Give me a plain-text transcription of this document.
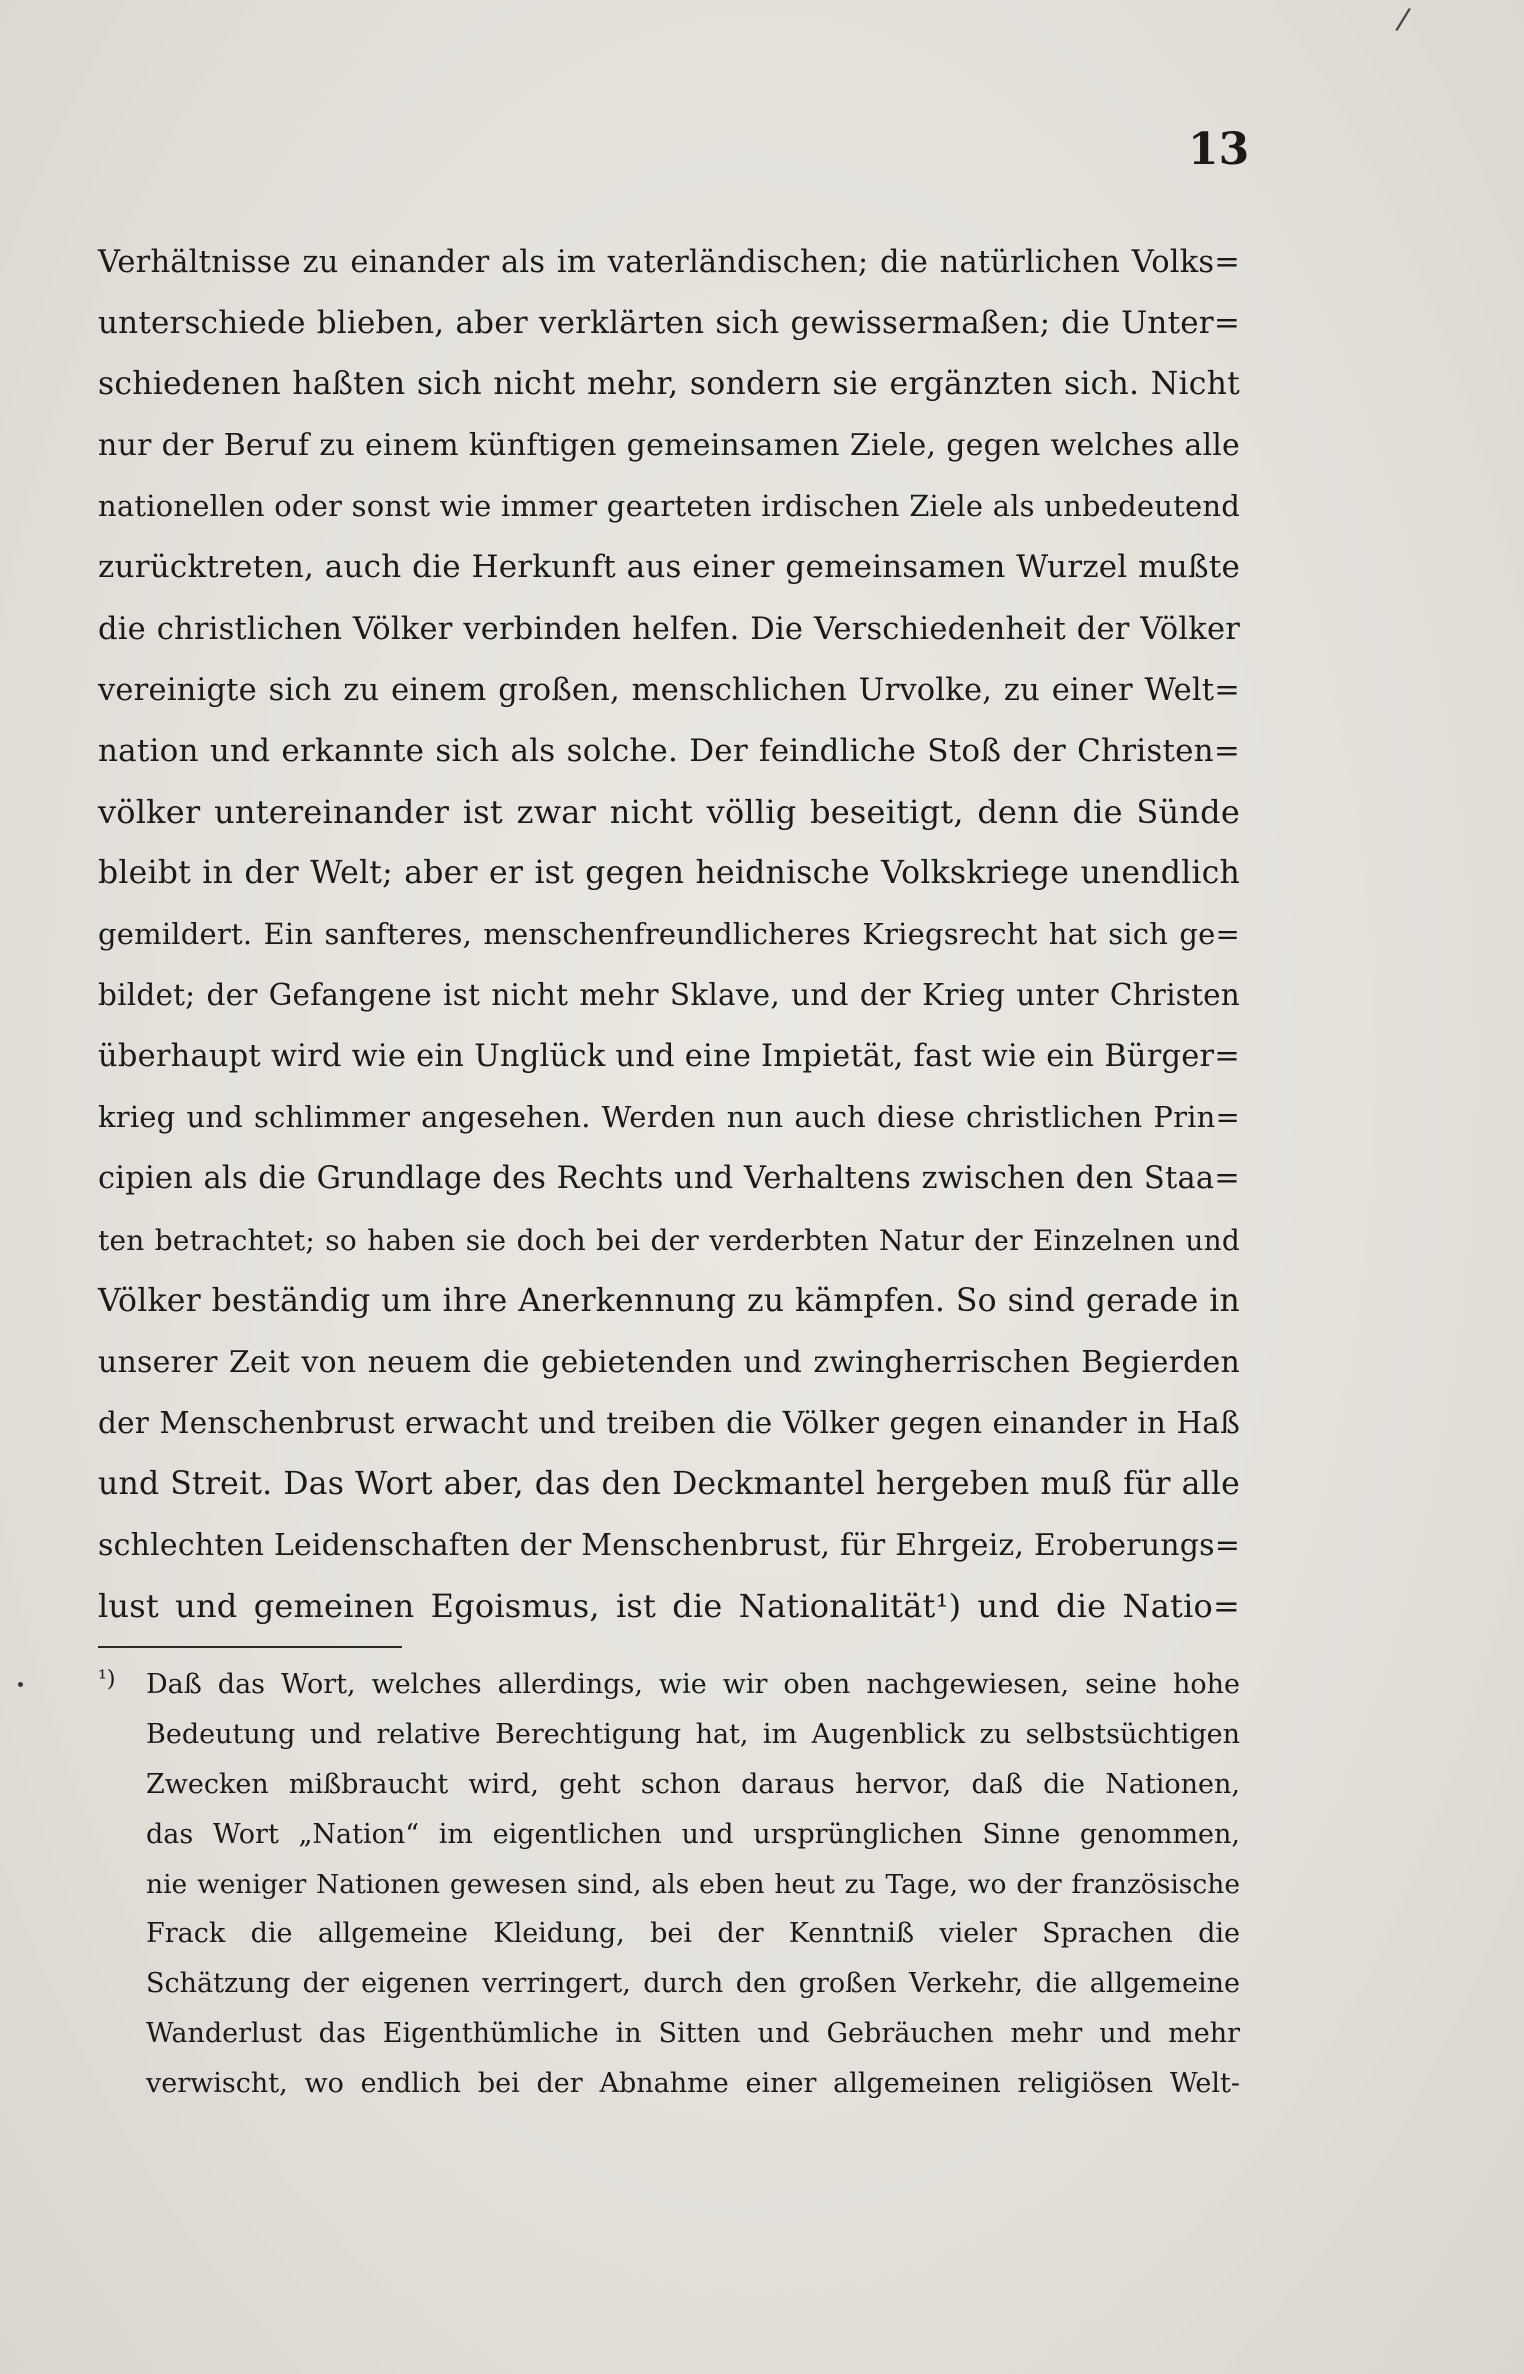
/
13
Verhältnisse zu einander als im vaterländischen; die natürlichen Volks=
unterschiede blieben, aber verklärten sich gewissermaßen; die Unter=
schiedenen haßten sich nicht mehr, sondern sie ergänzten sich. Nicht
nur der Beruf zu einem künftigen gemeinsamen Ziele, gegen welches alle
nationellen oder sonst wie immer gearteten irdischen Ziele als unbedeutend
zurücktreten, auch die Herkunft aus einer gemeinsamen Wurzel mußte
die christlichen Völker verbinden helfen. Die Verschiedenheit der Völker
vereinigte sich zu einem großen, menschlichen Urvolke, zu einer Welt=
nation und erkannte sich als solche. Der feindliche Stoß der Christen=
völker untereinander ist zwar nicht völlig beseitigt, denn die Sünde
bleibt in der Welt; aber er ist gegen heidnische Volkskriege unendlich
gemildert. Ein sanfteres, menschenfreundlicheres Kriegsrecht hat sich ge=
bildet; der Gefangene ist nicht mehr Sklave, und der Krieg unter Christen
überhaupt wird wie ein Unglück und eine Impietät, fast wie ein Bürger=
krieg und schlimmer angesehen. Werden nun auch diese christlichen Prin=
cipien als die Grundlage des Rechts und Verhaltens zwischen den Staa=
ten betrachtet; so haben sie doch bei der verderbten Natur der Einzelnen und
Völker beständig um ihre Anerkennung zu kämpfen. So sind gerade in
unserer Zeit von neuem die gebietenden und zwingherrischen Begierden
der Menschenbrust erwacht und treiben die Völker gegen einander in Haß
und Streit. Das Wort aber, das den Deckmantel hergeben muß für alle
schlechten Leidenschaften der Menschenbrust, für Ehrgeiz, Eroberungs=
lust und gemeinen Egoismus, ist die Nationalität¹) und die Natio=
¹) Daß das Wort, welches allerdings, wie wir oben nachgewiesen, seine hohe
Bedeutung und relative Berechtigung hat, im Augenblick zu selbstsüchtigen
Zwecken mißbraucht wird, geht schon daraus hervor, daß die Nationen,
das Wort „Nation“ im eigentlichen und ursprünglichen Sinne genommen,
nie weniger Nationen gewesen sind, als eben heut zu Tage, wo der französische
Frack die allgemeine Kleidung, bei der Kenntniß vieler Sprachen die
Schätzung der eigenen verringert, durch den großen Verkehr, die allgemeine
Wanderlust das Eigenthümliche in Sitten und Gebräuchen mehr und mehr
verwischt, wo endlich bei der Abnahme einer allgemeinen religiösen Welt-
